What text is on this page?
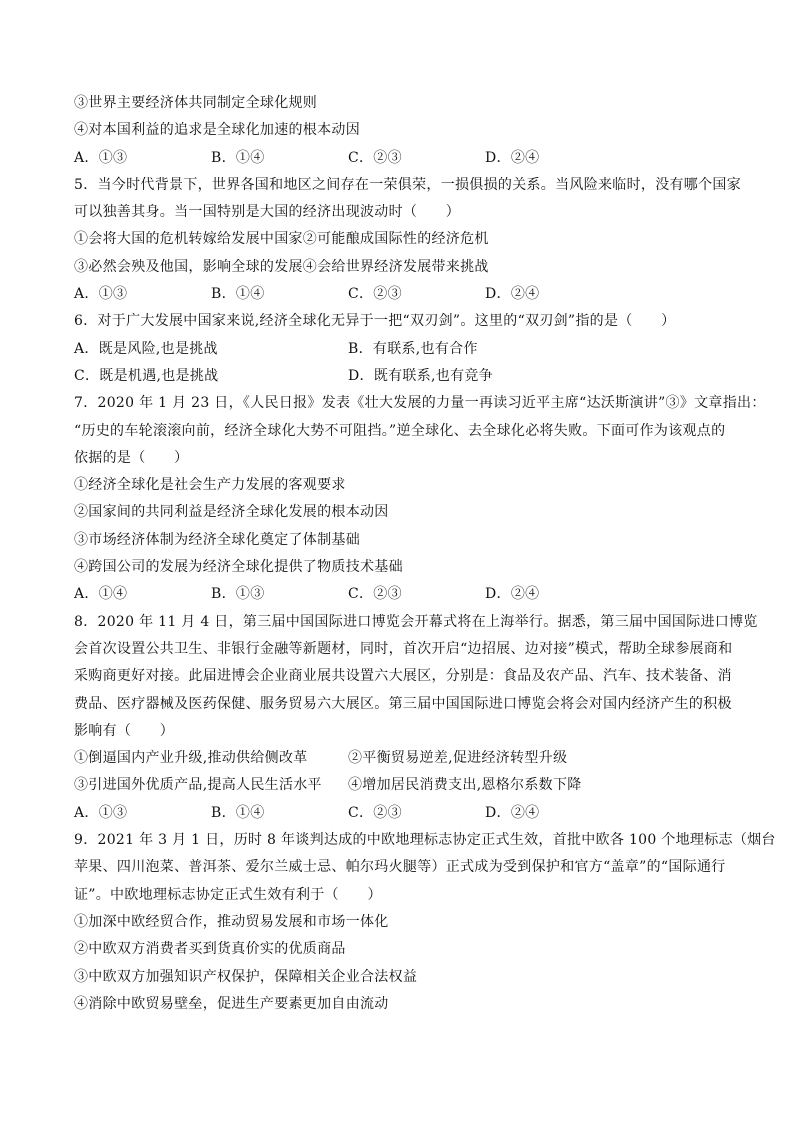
③世界主要经济体共同制定全球化规则
④对本国利益的追求是全球化加速的根本动因
A．①③	B．①④	C．②③	D．②④
5．当今时代背景下，世界各国和地区之间存在一荣俱荣，一损俱损的关系。当风险来临时，没有哪个国家
可以独善其身。当一国特别是大国的经济出现波动时（　　）
①会将大国的危机转嫁给发展中国家②可能酿成国际性的经济危机
③必然会殃及他国，影响全球的发展④会给世界经济发展带来挑战
A．①③	B．①④	C．②③	D．②④
6．对于广大发展中国家来说,经济全球化无异于一把“双刃剑”。这里的“双刃剑”指的是（　　）
A．既是风险,也是挑战	B．有联系,也有合作
C．既是机遇,也是挑战	D．既有联系,也有竞争
7．2020 年 1 月 23 日，《人民日报》发表《壮大发展的力量一再读习近平主席“达沃斯演讲”③》文章指出：
“历史的车轮滚滚向前，经济全球化大势不可阻挡。”逆全球化、去全球化必将失败。下面可作为该观点的
依据的是（　　）
①经济全球化是社会生产力发展的客观要求
②国家间的共同利益是经济全球化发展的根本动因
③市场经济体制为经济全球化奠定了体制基础
④跨国公司的发展为经济全球化提供了物质技术基础
A．①④	B．①③	C．②③	D．②④
8．2020 年 11 月 4 日，第三届中国国际进口博览会开幕式将在上海举行。据悉，第三届中国国际进口博览
会首次设置公共卫生、非银行金融等新题材，同时，首次开启“边招展、边对接”模式，帮助全球参展商和
采购商更好对接。此届进博会企业商业展共设置六大展区，分别是：食品及农产品、汽车、技术装备、消
费品、医疗器械及医药保健、服务贸易六大展区。第三届中国国际进口博览会将会对国内经济产生的积极
影响有（　　）
①倒逼国内产业升级,推动供给侧改革	②平衡贸易逆差,促进经济转型升级
③引进国外优质产品,提高人民生活水平	④增加居民消费支出,恩格尔系数下降
A．①③	B．①④	C．②③	D．②④
9．2021 年 3 月 1 日，历时 8 年谈判达成的中欧地理标志协定正式生效，首批中欧各 100 个地理标志（烟台
苹果、四川泡菜、普洱茶、爱尔兰威士忌、帕尔玛火腿等）正式成为受到保护和官方“盖章”的“国际通行
证”。中欧地理标志协定正式生效有利于（　　）
①加深中欧经贸合作，推动贸易发展和市场一体化
②中欧双方消费者买到货真价实的优质商品
③中欧双方加强知识产权保护，保障相关企业合法权益
④消除中欧贸易壁垒，促进生产要素更加自由流动
